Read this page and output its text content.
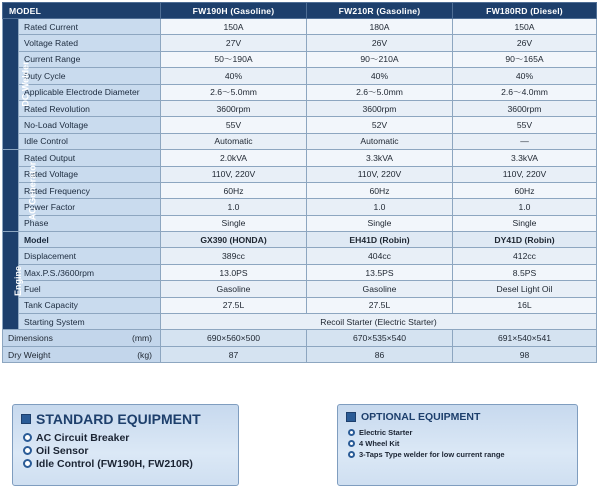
MODEL		FW190H (Gasoline)	FW210R (Gasoline)	FW180RD (Diesel)
DC Welder	Rated Current	150A	180A	150A
	Voltage Rated	27V	26V	26V
	Current Range	50～190A	90～210A	90～165A
	Duty Cycle	40%	40%	40%
	Applicable Electrode Diameter	2.6～5.0mm	2.6～5.0mm	2.6～4.0mm
	Rated Revolution	3600rpm	3600rpm	3600rpm
	No-Load Voltage	55V	52V	55V
	Idle Control	Automatic	Automatic	—
AC Generator	Rated Output	2.0kVA	3.3kVA	3.3kVA
	Rated Voltage	110V, 220V	110V, 220V	110V, 220V
	Rated Frequency	60Hz	60Hz	60Hz
	Power Factor	1.0	1.0	1.0
	Phase	Single	Single	Single
Engine	Model	GX390 (HONDA)	EH41D (Robin)	DY41D (Robin)
	Displacement	389cc	404cc	412cc
	Max.P.S./3600rpm	13.0PS	13.5PS	8.5PS
	Fuel	Gasoline	Gasoline	Desel Light Oil
	Tank Capacity	27.5L	27.5L	16L
	Starting System	Recoil Starter (Electric Starter)		
Dimensions (mm)		690×560×500	670×535×540	691×540×541
Dry Weight (kg)		87	86	98
STANDARD EQUIPMENT
AC Circuit Breaker
Oil Sensor
Idle Control (FW190H, FW210R)
OPTIONAL EQUIPMENT
Electric Starter
4 Wheel Kit
3-Taps Type welder for low current range
